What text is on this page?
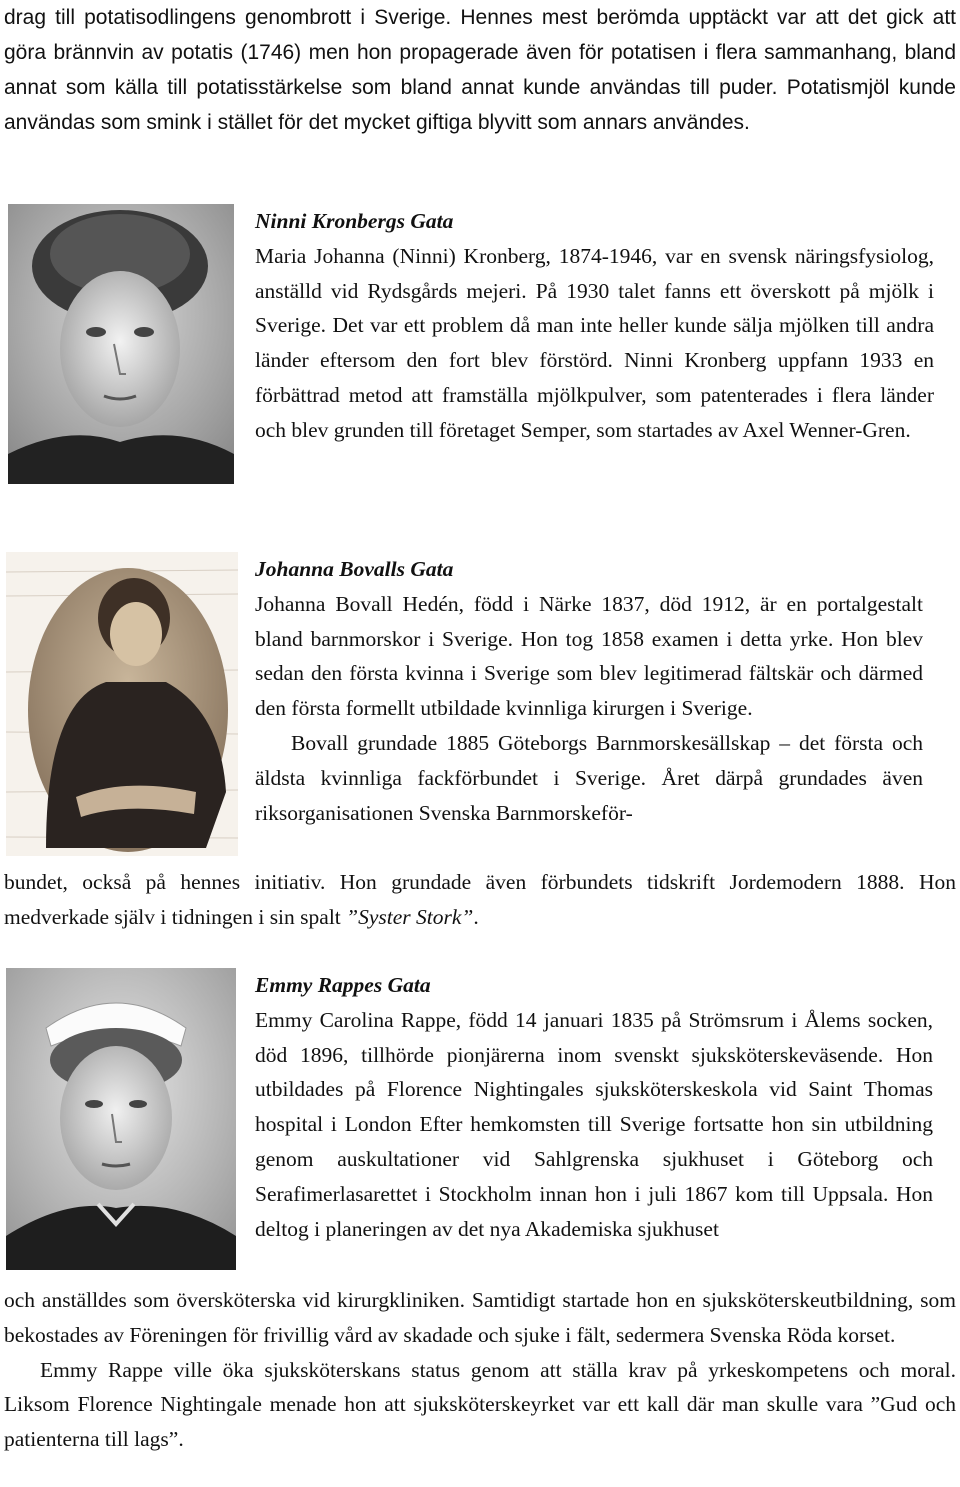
drag till potatisodlingens genombrott i Sverige. Hennes mest berömda upptäckt var att det gick att göra brännvin av potatis (1746) men hon propagerade även för potatisen i flera sammanhang, bland annat som källa till potatisstärkelse som bland annat kunde användas till puder. Potatismjöl kunde användas som smink i stället för det mycket giftiga blyvitt som annars användes.

Ninni Kronbergs Gata
Maria Johanna (Ninni) Kronberg, 1874-1946, var en svensk näringsfysiolog, anställd vid Rydsgårds mejeri. På 1930 talet fanns ett överskott på mjölk i Sverige. Det var ett problem då man inte heller kunde sälja mjölken till andra länder eftersom den fort blev förstörd. Ninni Kronberg uppfann 1933 en förbättrad metod att framställa mjölkpulver, som patenterades i flera länder och blev grunden till företaget Semper, som startades av Axel Wenner-Gren.

Johanna Bovalls Gata
Johanna Bovall Hedén, född i Närke 1837, död 1912, är en portalgestalt bland barnmorskor i Sverige. Hon tog 1858 examen i detta yrke. Hon blev sedan den första kvinna i Sverige som blev legitimerad fältskär och därmed den första formellt utbildade kvinnliga kirurgen i Sverige.

Bovall grundade 1885 Göteborgs Barnmorskesällskap – det första och äldsta kvinnliga fackförbundet i Sverige. Året därpå grundades även riksorganisationen Svenska Barnmorskeför-

bundet, också på hennes initiativ. Hon grundade även förbundets tidskrift Jordemodern 1888. Hon medverkade själv i tidningen i sin spalt ”Syster Stork”.

Emmy Rappes Gata
Emmy Carolina Rappe, född 14 januari 1835 på Strömsrum i Ålems socken, död 1896, tillhörde pionjärerna inom svenskt sjuksköterskeväsende. Hon utbildades på Florence Nightingales sjuksköterskeskola vid Saint Thomas hospital i London Efter hemkomsten till Sverige fortsatte hon sin utbildning genom auskultationer vid Sahlgrenska sjukhuset i Göteborg och Serafimerlasarettet i Stockholm innan hon i juli 1867 kom till Uppsala. Hon deltog i planeringen av det nya Akademiska sjukhuset

och anställdes som översköterska vid kirurgkliniken. Samtidigt startade hon en sjuksköterskeutbildning, som bekostades av Föreningen för frivillig vård av skadade och sjuke i fält, sedermera Svenska Röda korset.

Emmy Rappe ville öka sjuksköterskans status genom att ställa krav på yrkeskompetens och moral. Liksom Florence Nightingale menade hon att sjuksköterskeyrket var ett kall där man skulle vara ”Gud och patienterna till lags”.
